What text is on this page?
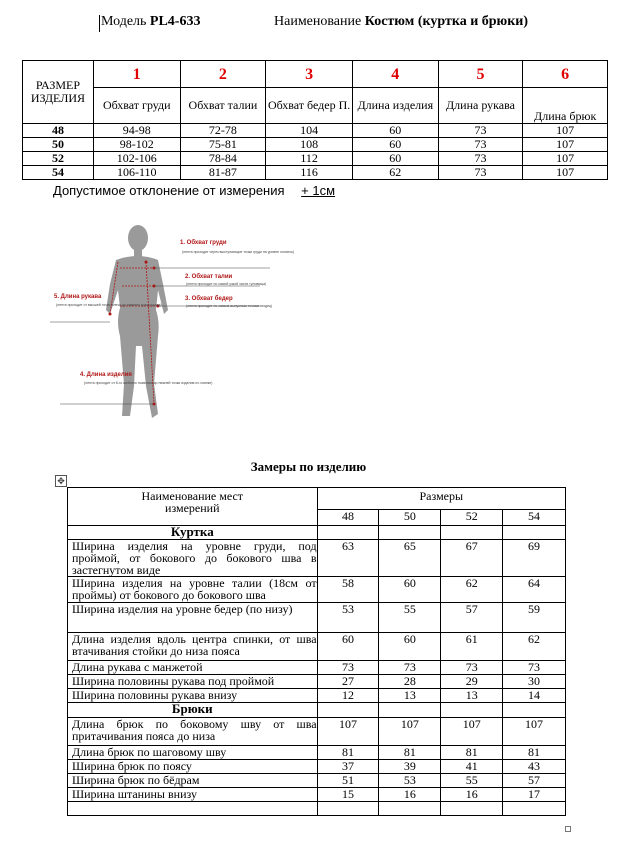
Модель PL4-633	Наименование Костюм (куртка и брюки)
РАЗМЕР ИЗДЕЛИЯ	1	2	3	4	5	6
	Обхват груди	Обхват талии	Обхват бедер П.	Длина изделия	Длина рукава	Длина брюк
48	94-98	72-78	104	60	73	107
50	98-102	75-81	108	60	73	107
52	102-106	78-84	112	60	73	107
54	106-110	81-87	116	62	73	107
Допустимое отклонение от измерения + 1см
1. Обхват груди
(лента проходит через выступающие точки груди на уровне лопаток)
2. Обхват талии
(лента проходит по самой узкой части туловища)
3. Обхват бедер
(лента проходит по самым выпуклым точкам ягодиц)
5. Длина рукава
(лента проходит от высшей точки плеча до нижнего края рукава)
4. Длина изделия
(лента проходит от 6-го шейного позвонка до нижней точки изделия по спинке)
Замеры по изделию
✥
Наименование мест измерений	Размеры			
	48	50	52	54
Куртка				
Ширина изделия на уровне груди, под проймой, от бокового до бокового шва в застегнутом виде	63	65	67	69
Ширина изделия на уровне талии (18см от проймы) от бокового до бокового шва	58	60	62	64
Ширина изделия на уровне бедер (по низу)	53	55	57	59
Длина изделия вдоль центра спинки, от шва втачивания стойки до низа пояса	60	60	61	62
Длина рукава с манжетой	73	73	73	73
Ширина половины рукава под проймой	27	28	29	30
Ширина половины рукава внизу	12	13	13	14
Брюки				
Длина брюк по боковому шву от шва притачивания пояса до низа	107	107	107	107
Длина брюк по шаговому шву	81	81	81	81
Ширина брюк по поясу	37	39	41	43
Ширина брюк по бёдрам	51	53	55	57
Ширина штанины внизу	15	16	16	17
